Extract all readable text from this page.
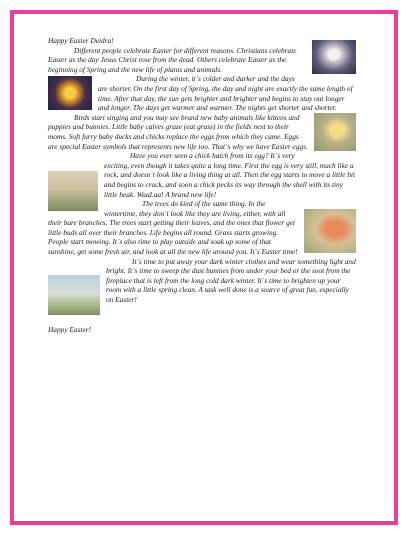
Happy Easter Deidra!

Different people celebrate Easter for different reasons. Christians celebrate Easter as the day Jesus Christ rose from the dead. Others celebrate Easter as the beginning of Spring and the new life of plants and animals.

During the winter, it´s colder and darker and the days are shorter. On the first day of Spring, the day and night are exactly the same length of time. After that day, the sun gets brighter and brighter and begins to stay out longer and longer. The days get warmer and warmer. The nights get shorter and shorter.

Birds start singing and you may see brand new baby animals like kittens and puppies and bunnies. Little baby calves graze (eat grass) in the fields next to their moms. Soft furry baby ducks and chicks replace the eggs from which they came. Eggs are special Easter symbols that represents new life too. That´s why we have Easter eggs.

Have you ever seen a chick hatch from its egg? It´s very exciting, even though it takes quite a long time. First the egg is very still, much like a rock, and doesn´t look like a living thing at all. Then the egg starts to move a little bit and begins to crack, and soon a chick pecks its way through the shell with its tiny little beak. WaaLaa! A brand new life!

The trees do kind of the same thing. In the wintertime, they don´t look like they are living, either, with all their bare branches. The trees start getting their leaves, and the ones that flower get little buds all over their branches. Life begins all round. Grass starts growing. People start mowing. It´s also time to play outside and soak up some of that sunshine, get some fresh air, and look at all the new life around you. It´s Easter time!

It´s time to put away your dark winter clothes and wear something light and bright. It´s time to sweep the dust bunnies from under your bed or the soot from the fireplace that is left from the long cold dark winter. It´s time to brighten up your room with a little spring clean. A task well done is a source of great fun, especially on Easter!

Happy Easter!
